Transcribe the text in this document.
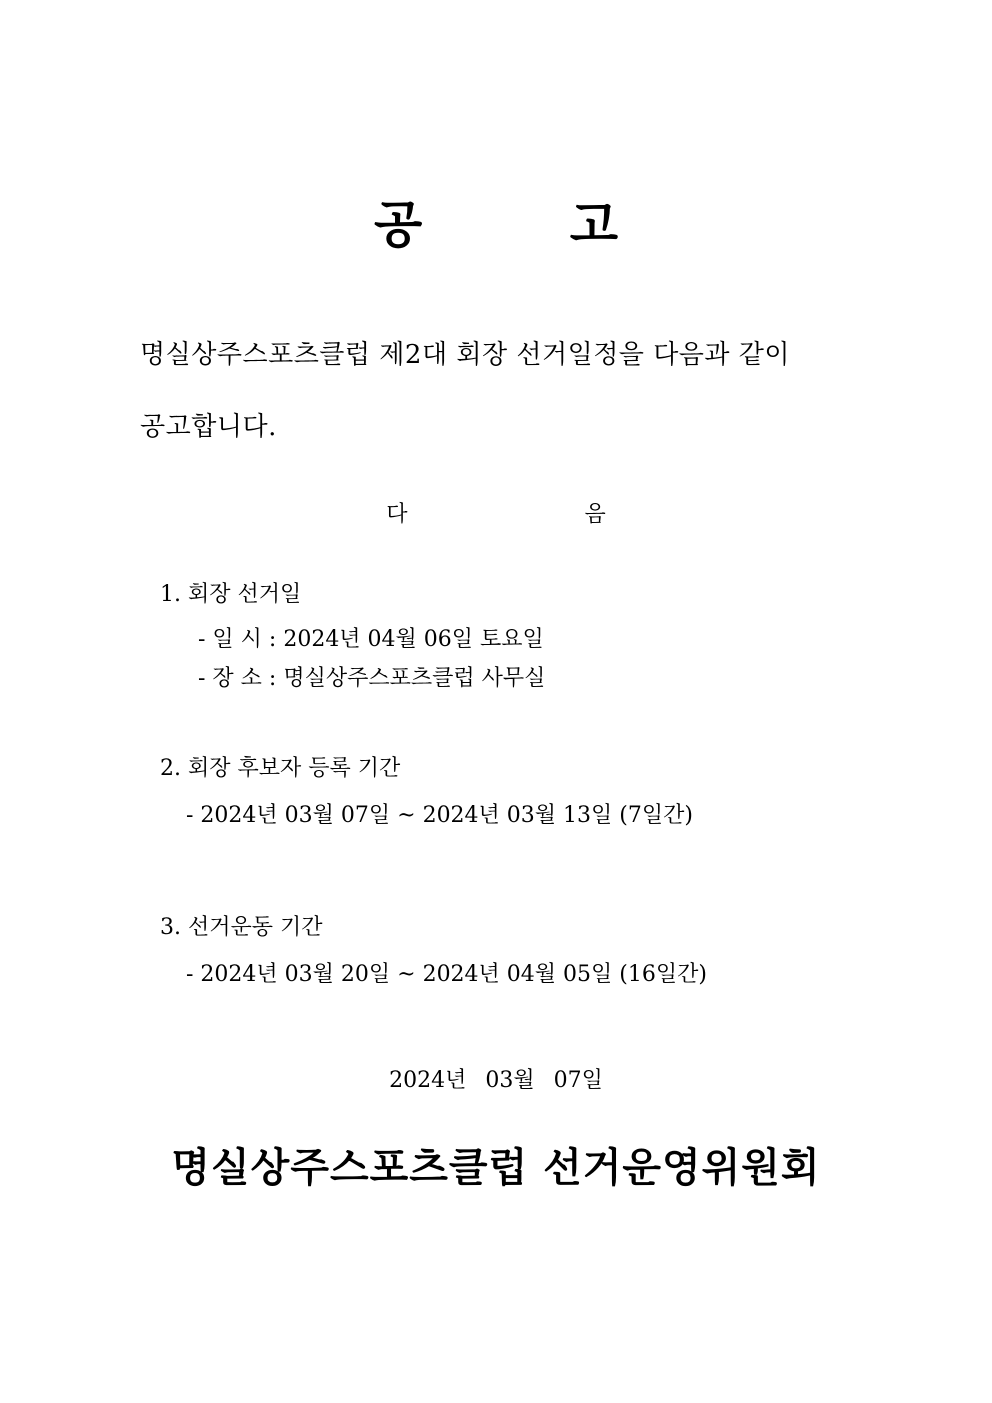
공 고
명실상주스포츠클럽 제2대 회장 선거일정을 다음과 같이
공고합니다.
다 음
1. 회장 선거일
- 일 시 : 2024년 04월 06일 토요일
- 장 소 : 명실상주스포츠클럽 사무실
2. 회장 후보자 등록 기간
- 2024년 03월 07일 ~ 2024년 03월 13일 (7일간)
3. 선거운동 기간
- 2024년 03월 20일 ~ 2024년 04월 05일 (16일간)
2024년 03월 07일
명실상주스포츠클럽 선거운영위원회
